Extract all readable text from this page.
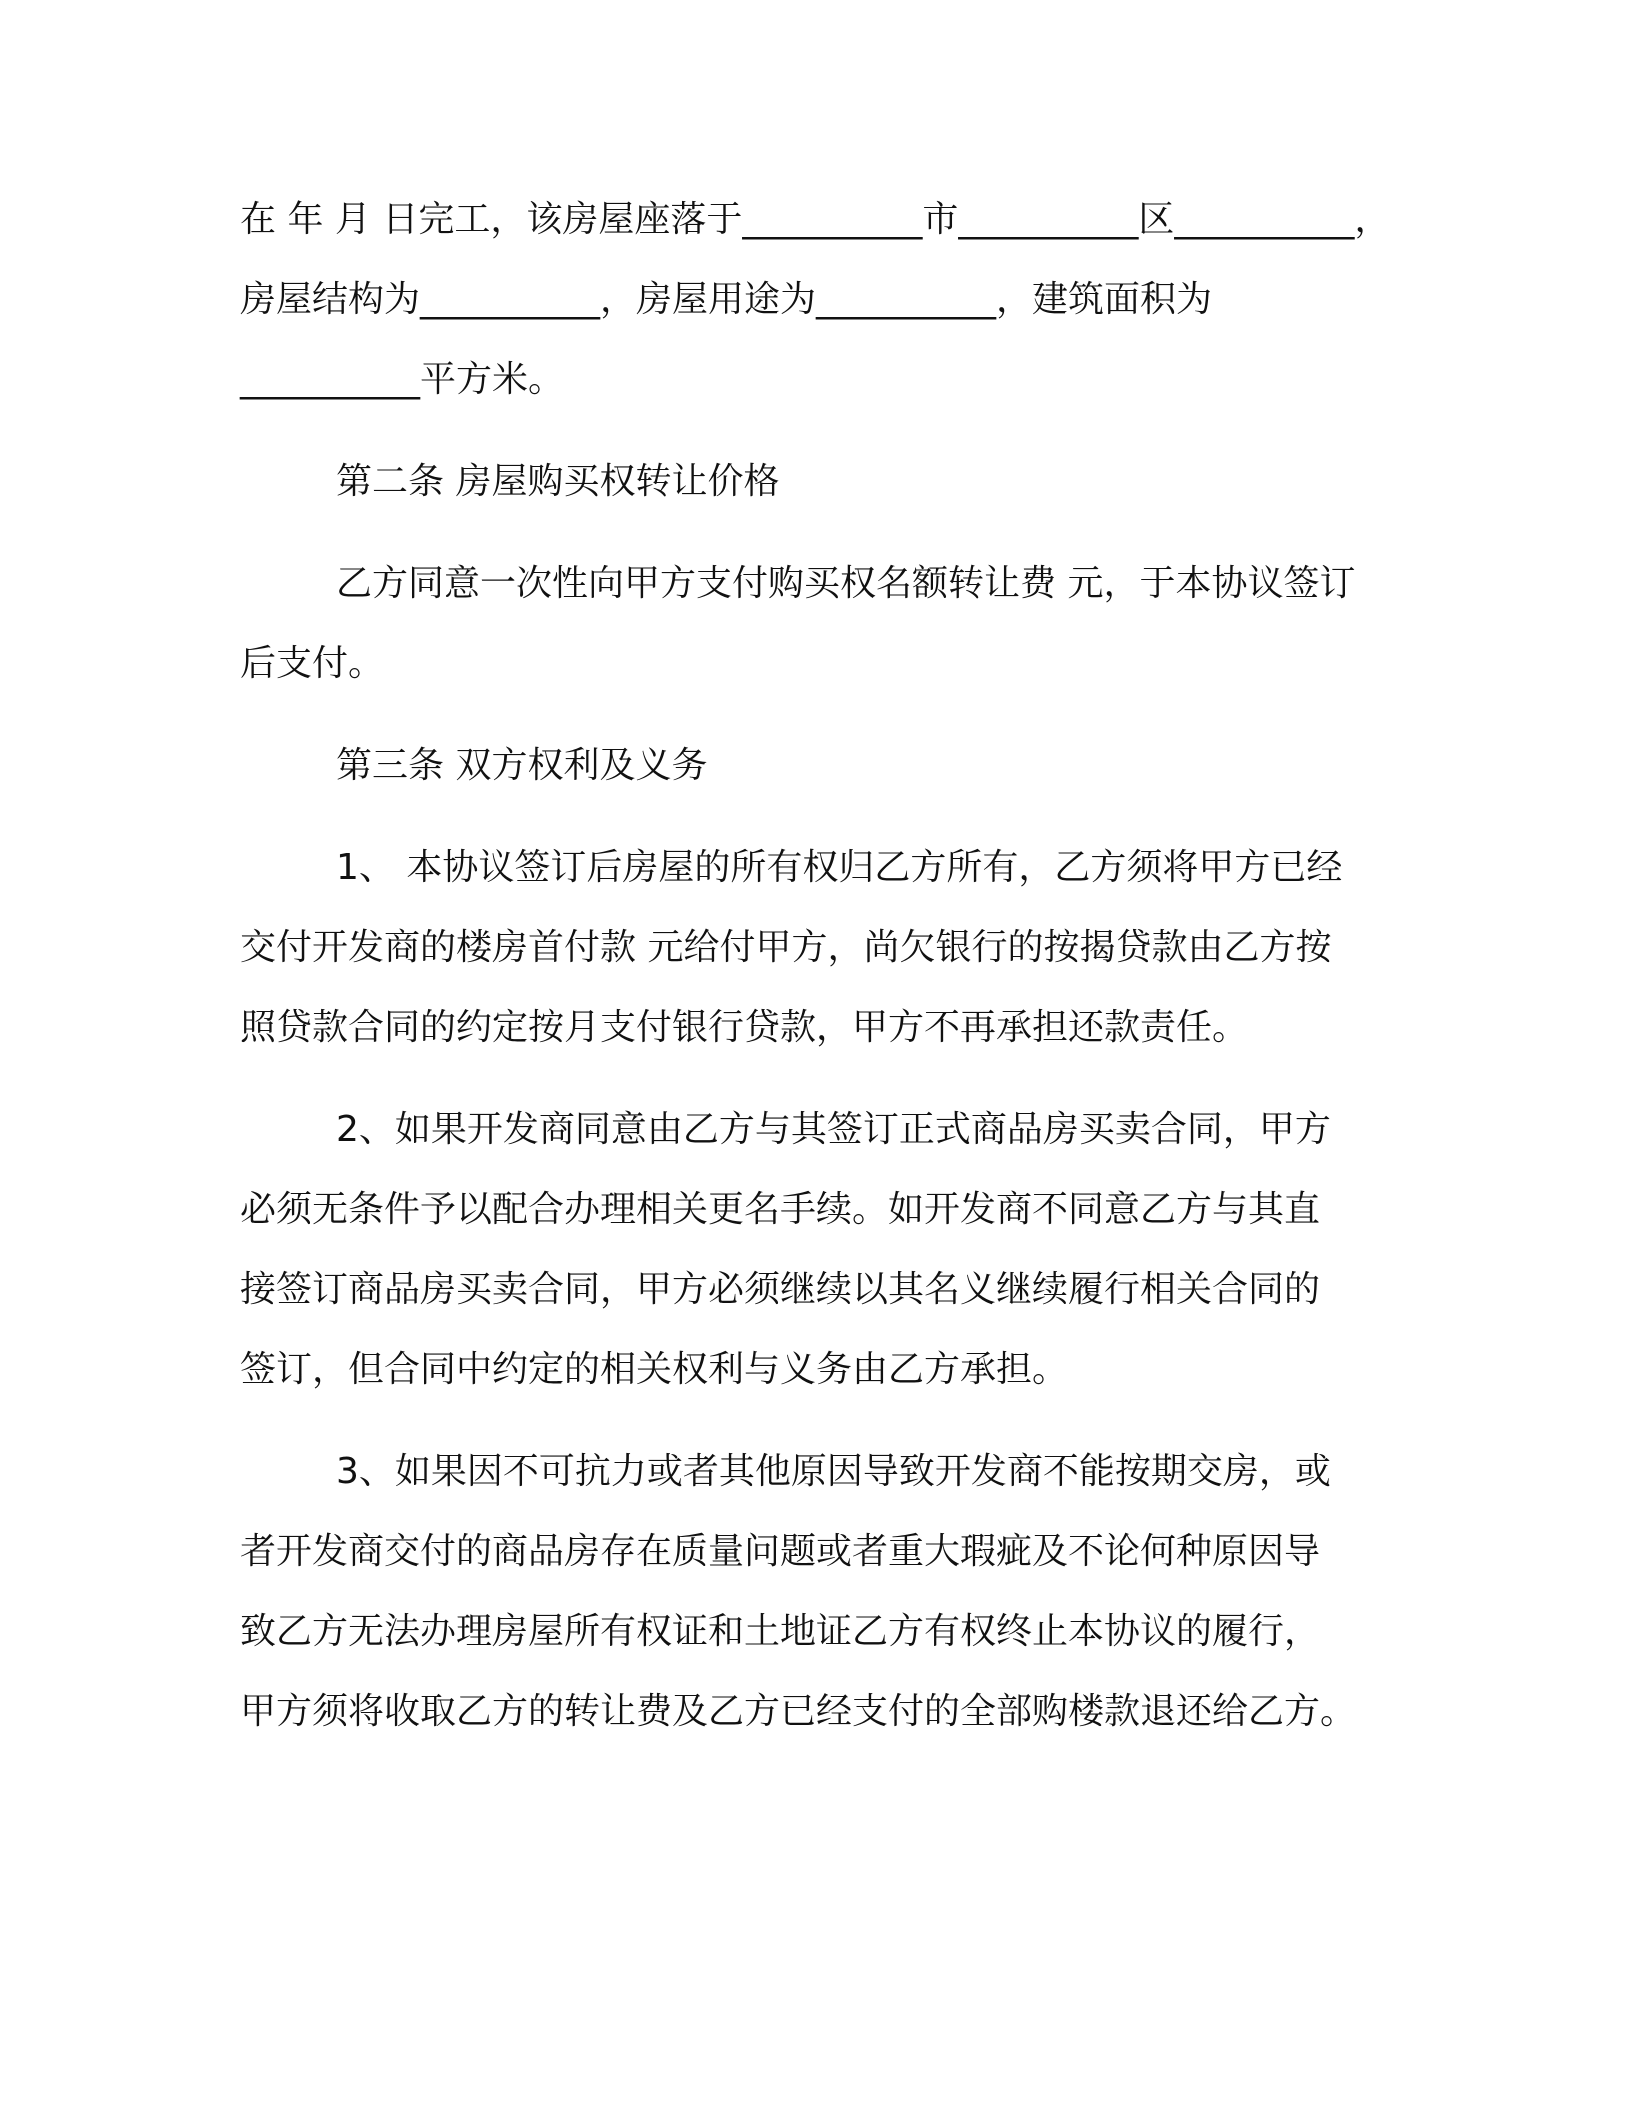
在 年 月 日完工，该房屋座落于__________市__________区__________，
房屋结构为__________，房屋用途为__________，建筑面积为
__________平方米。
第二条 房屋购买权转让价格
乙方同意一次性向甲方支付购买权名额转让费 元，于本协议签订
后支付。
第三条 双方权利及义务
1、 本协议签订后房屋的所有权归乙方所有，乙方须将甲方已经
交付开发商的楼房首付款 元给付甲方，尚欠银行的按揭贷款由乙方按
照贷款合同的约定按月支付银行贷款，甲方不再承担还款责任。
2、如果开发商同意由乙方与其签订正式商品房买卖合同，甲方
必须无条件予以配合办理相关更名手续。如开发商不同意乙方与其直
接签订商品房买卖合同，甲方必须继续以其名义继续履行相关合同的
签订，但合同中约定的相关权利与义务由乙方承担。
3、如果因不可抗力或者其他原因导致开发商不能按期交房，或
者开发商交付的商品房存在质量问题或者重大瑕疵及不论何种原因导
致乙方无法办理房屋所有权证和土地证乙方有权终止本协议的履行，
甲方须将收取乙方的转让费及乙方已经支付的全部购楼款退还给乙方。
